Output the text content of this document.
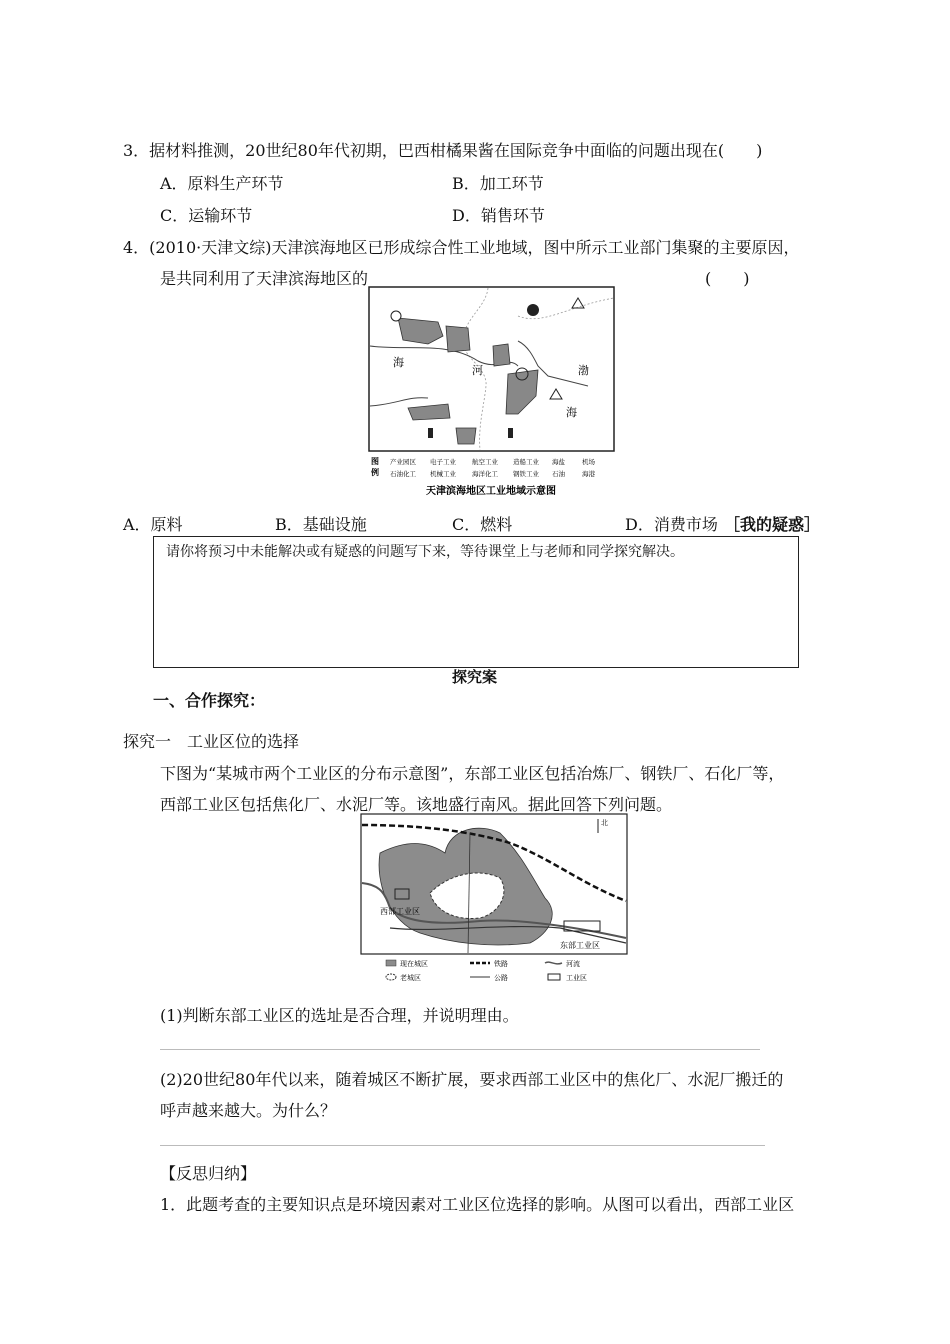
3．据材料推测，20世纪80年代初期，巴西柑橘果酱在国际竞争中面临的问题出现在(　　)
A．原料生产环节	B．加工环节
C．运输环节	D．销售环节
4．(2010·天津文综)天津滨海地区已形成综合性工业地域，图中所示工业部门集聚的主要原因，
是共同利用了天津滨海地区的	(　　)
海
河	渤
海
图
例
产业园区 电子工业 航空工业 造船工业 海盐	机场
石油化工 机械工业 海洋化工 钢铁工业 石油	海港
天津滨海地区工业地域示意图
A．原料	B．基础设施	C．燃料	D．消费市场 ［我的疑惑］
请你将预习中未能解决或有疑惑的问题写下来，等待课堂上与老师和同学探究解决。
探究案
一、合作探究：
探究一　工业区位的选择
下图为“某城市两个工业区的分布示意图”，东部工业区包括冶炼厂、钢铁厂、石化厂等，
西部工业区包括焦化厂、水泥厂等。该地盛行南风。据此回答下列问题。
西部工业区
东部工业区
北
现在城区	铁路	河流
老城区	公路	工业区
(1)判断东部工业区的选址是否合理，并说明理由。
(2)20世纪80年代以来，随着城区不断扩展，要求西部工业区中的焦化厂、水泥厂搬迁的
呼声越来越大。为什么？
【反思归纳】
1．此题考查的主要知识点是环境因素对工业区位选择的影响。从图可以看出，西部工业区
